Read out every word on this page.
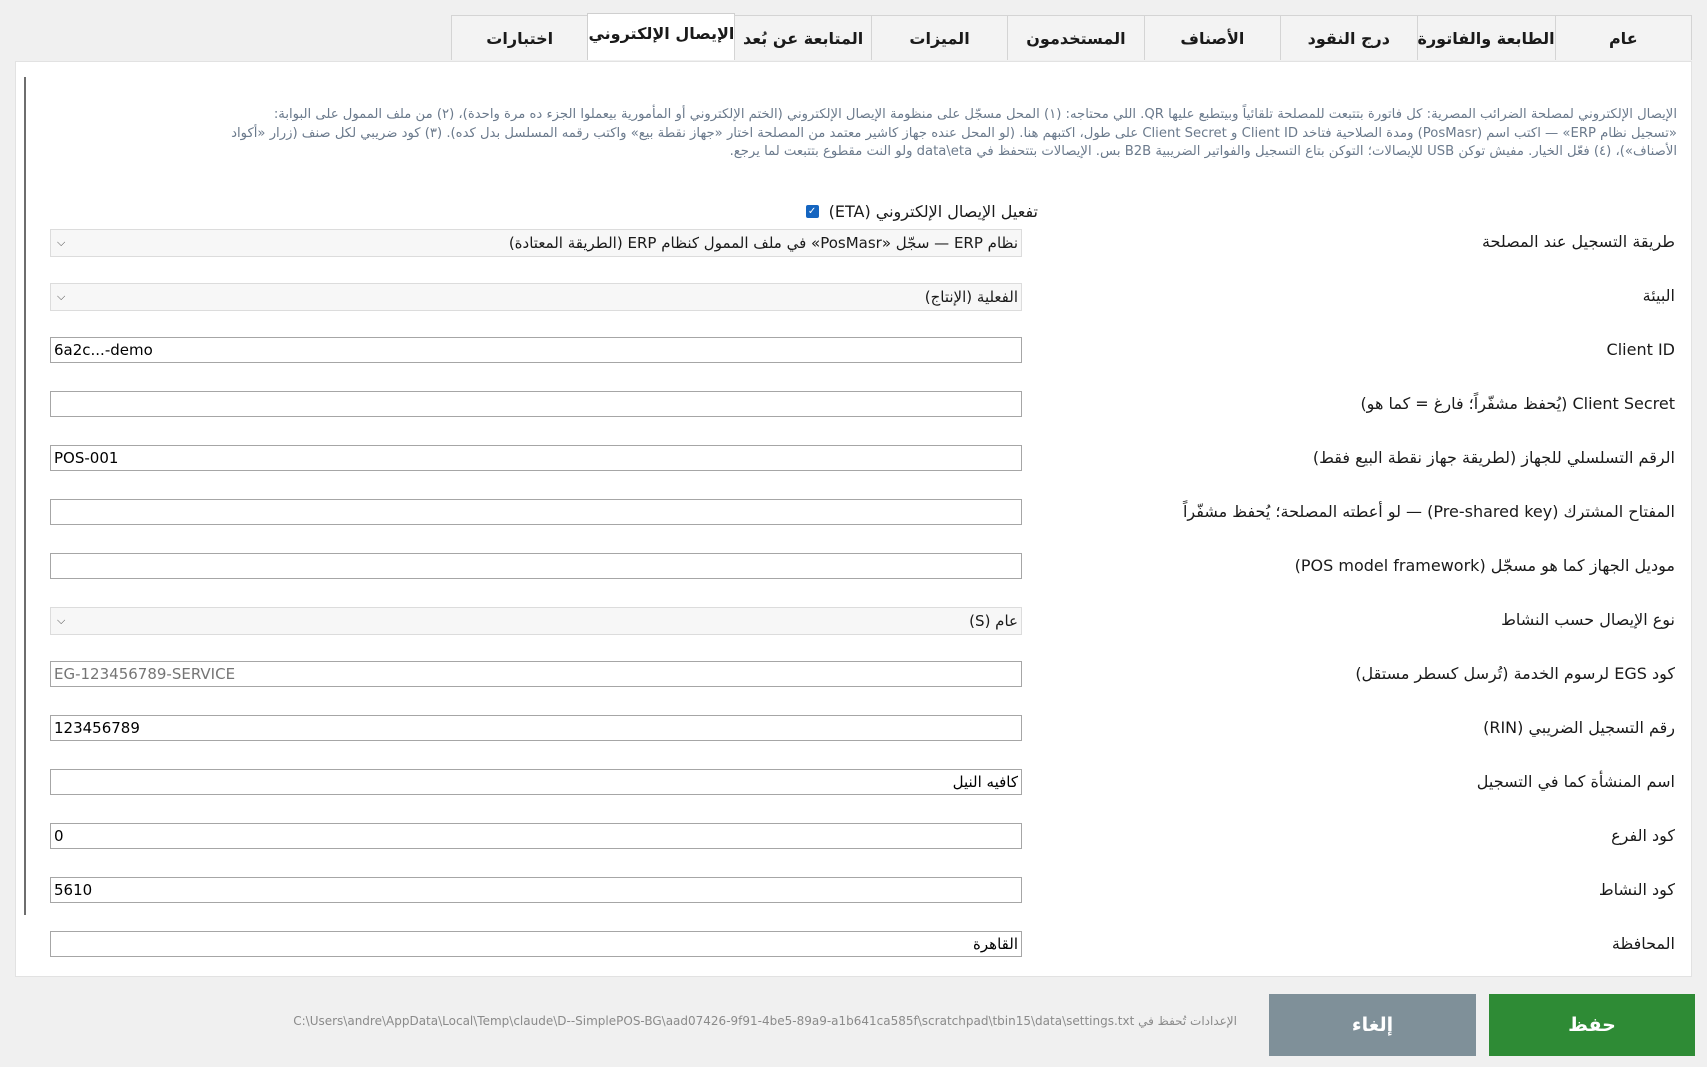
عام
الطابعة والفاتورة
درج النقود
الأصناف
المستخدمون
الميزات
المتابعة عن بُعد
الإيصال الإلكتروني
اختبارات

الإيصال الإلكتروني لمصلحة الضرائب المصرية: كل فاتورة بتتبعت للمصلحة تلقائياً وبيتطبع عليها QR. اللي محتاجه: (١) المحل مسجّل على منظومة الإيصال الإلكتروني (الختم الإلكتروني أو المأمورية بيعملوا الجزء ده مرة واحدة)، (٢) من ملف الممول على البوابة:

«تسجيل نظام ERP» — اكتب اسم (PosMasr) ومدة الصلاحية فتاخد Client ID و Client Secret على طول، اكتبهم هنا. (لو المحل عنده جهاز كاشير معتمد من المصلحة اختار «جهاز نقطة بيع» واكتب رقمه المسلسل بدل كده). (٣) كود ضريبي لكل صنف (زرار «أكواد

الأصناف»)، (٤) فعّل الخيار. مفيش توكن USB للإيصالات؛ التوكن بتاع التسجيل والفواتير الضريبية B2B بس. الإيصالات بتتحفظ في data\eta ولو النت مقطوع بتتبعت لما يرجع.

✓ تفعيل الإيصال الإلكتروني (ETA)
طريقة التسجيل عند المصلحة
نظام ERP — سجّل «PosMasr» في ملف الممول كنظام ERP (الطريقة المعتادة)
⌵
البيئة
الفعلية (الإنتاج)
⌵
Client ID
6a2c...-demo
Client Secret (يُحفظ مشفّراً؛ فارغ = كما هو)
الرقم التسلسلي للجهاز (لطريقة جهاز نقطة البيع فقط)
POS-001
المفتاح المشترك (Pre-shared key) — لو أعطته المصلحة؛ يُحفظ مشفّراً
موديل الجهاز كما هو مسجّل (POS model framework)
نوع الإيصال حسب النشاط
عام (S)
⌵
كود EGS لرسوم الخدمة (تُرسل كسطر مستقل)
EG-123456789-SERVICE
رقم التسجيل الضريبي (RIN)
123456789
اسم المنشأة كما في التسجيل
كافيه النيل
كود الفرع
0
كود النشاط
5610
المحافظة
القاهرة
الإعدادات تُحفظ في C:\Users\andre\AppData\Local\Temp\claude\D--SimplePOS-BG\aad07426-9f91-4be5-89a9-a1b641ca585f\scratchpad\tbin15\data\settings.txt	إلغاء	حفظ
